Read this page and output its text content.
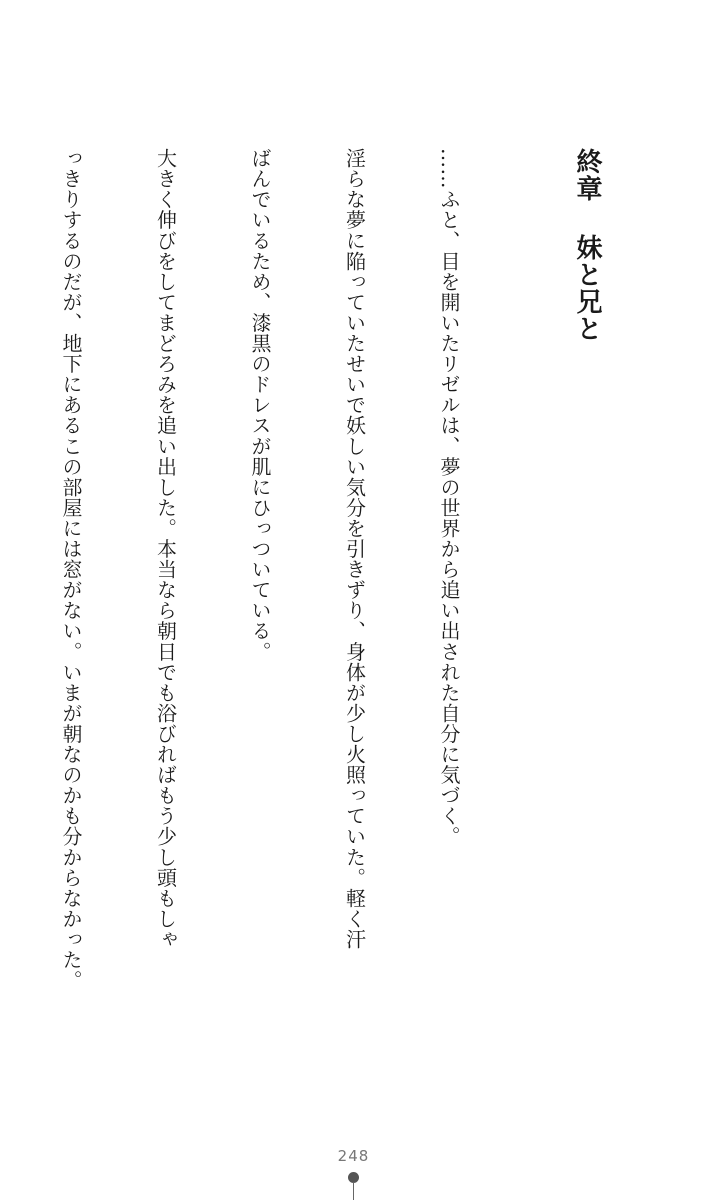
終章 妹と兄と

……ふと、目を開いたリゼルは、夢の世界から追い出された自分に気づく。

淫らな夢に陥っていたせいで妖しい気分を引きずり、身体が少し火照っていた。軽く汗

ばんでいるため、漆黒のドレスが肌にひっついている。

大きく伸びをしてまどろみを追い出した。本当なら朝日でも浴びればもう少し頭もしゃ

っきりするのだが、地下にあるこの部屋には窓がない。いまが朝なのかも分からなかった。

248
